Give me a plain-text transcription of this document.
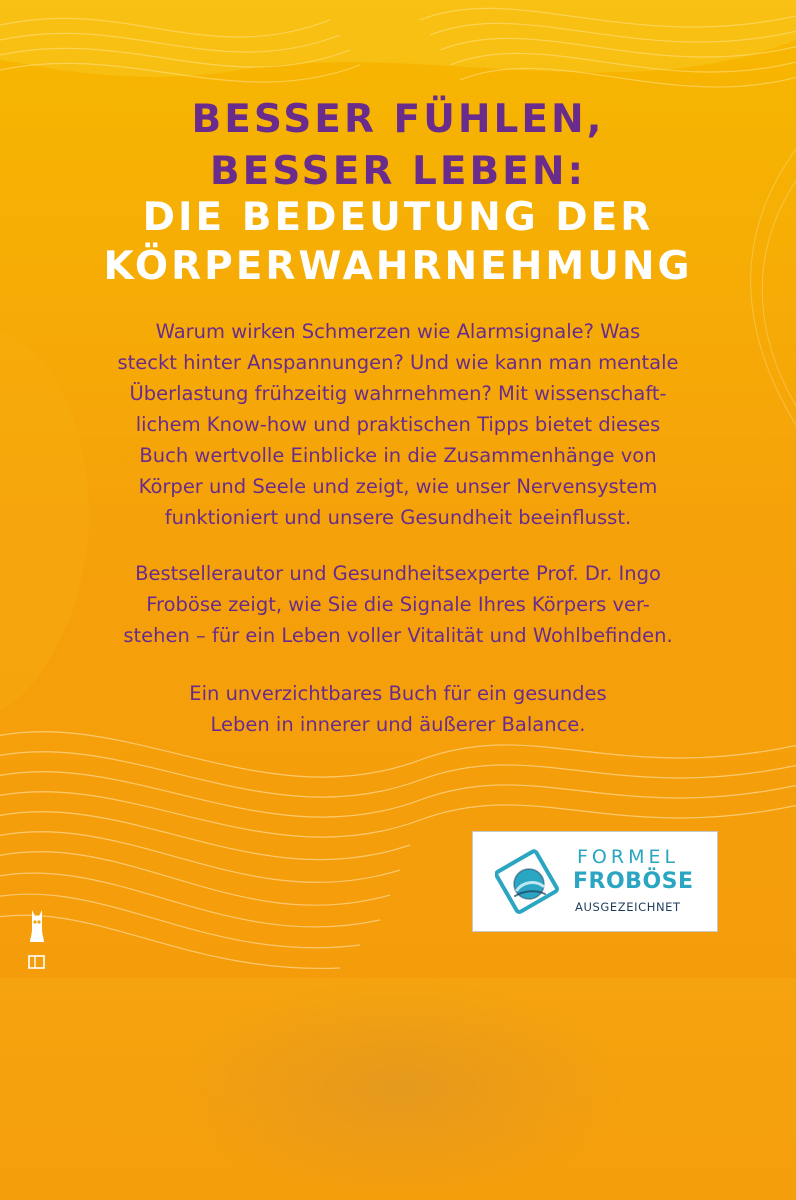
BESSER FÜHLEN,
BESSER LEBEN:
DIE BEDEUTUNG DER
KÖRPERWAHRNEHMUNG

Warum wirken Schmerzen wie Alarmsignale? Was
steckt hinter Anspannungen? Und wie kann man mentale
Überlastung frühzeitig wahrnehmen? Mit wissenschaft-
lichem Know-how und praktischen Tipps bietet dieses
Buch wertvolle Einblicke in die Zusammenhänge von
Körper und Seele und zeigt, wie unser Nervensystem
funktioniert und unsere Gesundheit beeinflusst.

Bestsellerautor und Gesundheitsexperte Prof. Dr. Ingo
Froböse zeigt, wie Sie die Signale Ihres Körpers ver-
stehen – für ein Leben voller Vitalität und Wohlbefinden.

Ein unverzichtbares Buch für ein gesundes
Leben in innerer und äußerer Balance.

FORMEL
FROBÖSE
AUSGEZEICHNET
